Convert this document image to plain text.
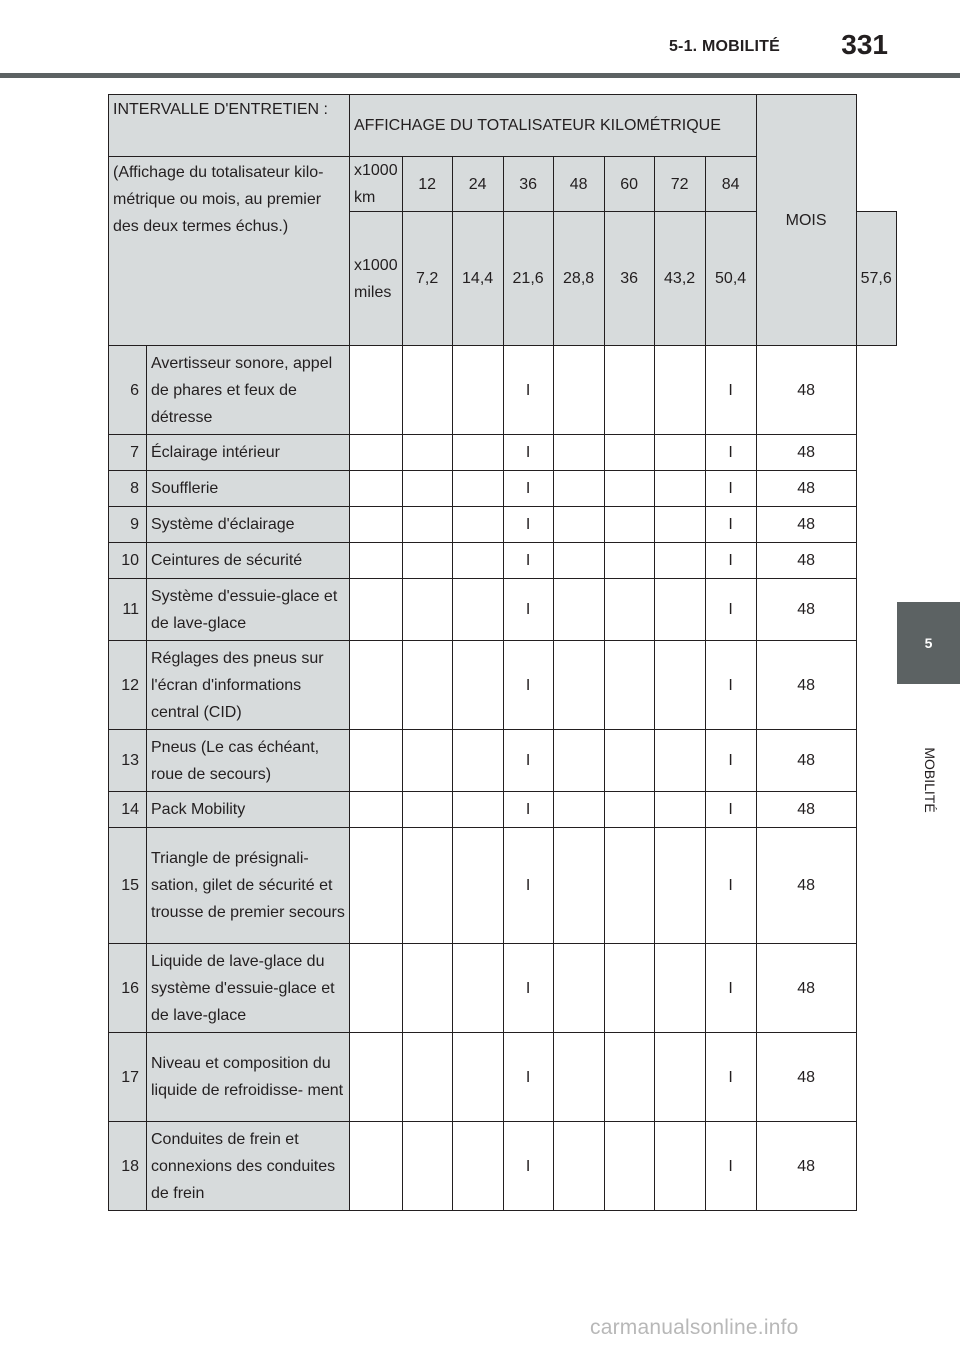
5-1. MOBILITÉ 331
5
MOBILITÉ
INTERVALLE D'ENTRETIEN :		AFFICHAGE DU TOTALISATEUR KILOMÉTRIQUE								MOIS	
(Affichage du totalisateur kilo- métrique ou mois, au premier des deux termes échus.)		x1000 km	12	24	36	48	60	72	84		
		x1000 miles	7,2	14,4	21,6	28,8	36	43,2	50,4		57,6
6	Avertisseur sonore, appel de phares et feux de détresse				I				I	48	
7	Éclairage intérieur				I				I	48	
8	Soufflerie				I				I	48	
9	Système d'éclairage				I				I	48	
10	Ceintures de sécurité				I				I	48	
11	Système d'essuie-glace et de lave-glace				I				I	48	
12	Réglages des pneus sur l'écran d'informations central (CID)				I				I	48	
13	Pneus (Le cas échéant, roue de secours)				I				I	48	
14	Pack Mobility				I				I	48	
15	Triangle de présignali- sation, gilet de sécurité et trousse de premier secours				I				I	48	
16	Liquide de lave-glace du système d'essuie-glace et de lave-glace				I				I	48	
17	Niveau et composition du liquide de refroidisse- ment				I				I	48	
18	Conduites de frein et connexions des conduites de frein				I				I	48	
carmanualsonline.info
